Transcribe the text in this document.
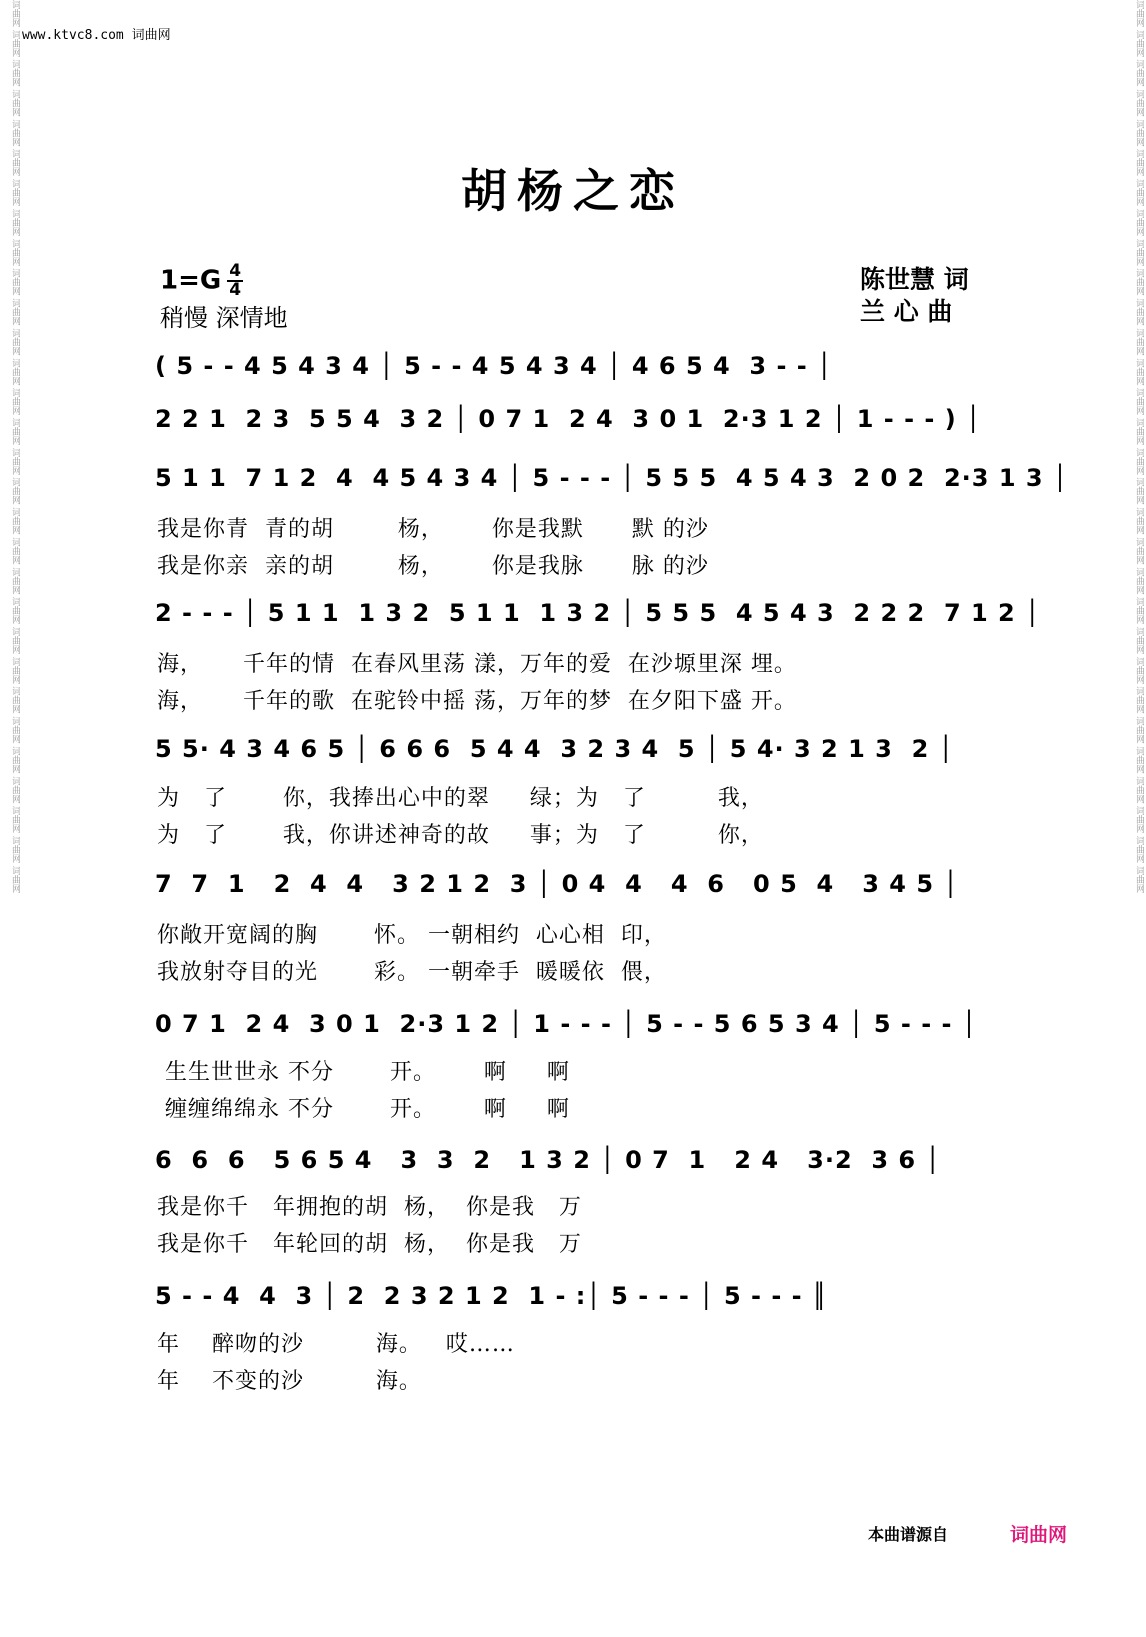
词曲网 词曲网 词曲网 词曲网 词曲网 词曲网 词曲网 词曲网 词曲网 词曲网 词曲网 词曲网 词曲网 词曲网 词曲网 词曲网 词曲网 词曲网 词曲网 词曲网 词曲网 词曲网 词曲网 词曲网 词曲网 词曲网 词曲网 词曲网 词曲网 词曲网	词曲网 词曲网 词曲网 词曲网 词曲网 词曲网 词曲网 词曲网 词曲网 词曲网 词曲网 词曲网 词曲网 词曲网 词曲网 词曲网 词曲网 词曲网 词曲网 词曲网 词曲网 词曲网 词曲网 词曲网 词曲网 词曲网 词曲网 词曲网 词曲网 词曲网
www.ktvc8.com 词曲网
胡杨之恋
$1=G \frac{4}{4}$
稍慢 深情地
陈世慧 词
兰 心 曲
( 5 - - 4 5 4 3 4 │ 5 - - 4 5 4 3 4 │ 4 6 5 4  3 - - │
2 2 1  2 3  5 5 4  3 2 │ 0 7 1  2 4  3 0 1  2·3 1 2 │ 1 - - - ) │
5 1 1  7 1 2  4  4 5 4 3 4 │ 5 - - - │ 5 5 5  4 5 4 3  2 0 2  2·3 1 3 │
我是你青  青的胡        杨，      你是我默      默 的沙
我是你亲  亲的胡        杨，      你是我脉      脉 的沙
2 - - - │ 5 1 1  1 3 2  5 1 1  1 3 2 │ 5 5 5  4 5 4 3  2 2 2  7 1 2 │
海，     千年的情  在春风里荡 漾，万年的爱  在沙塬里深 埋。
海，     千年的歌  在驼铃中摇 荡，万年的梦  在夕阳下盛 开。
5 5· 4 3 4 6 5 │ 6 6 6  5 4 4  3 2 3 4  5 │ 5 4· 3 2 1 3  2 │
为   了       你，我捧出心中的翠     绿；为   了         我，
为   了       我，你讲述神奇的故     事；为   了         你，
7  7  1   2  4  4   3 2 1 2  3 │ 0 4  4   4  6   0 5  4   3 4 5 │
你敞开宽阔的胸       怀。 一朝相约  心心相  印，
我放射夺目的光       彩。 一朝牵手  暖暖依  偎，
0 7 1  2 4  3 0 1  2·3 1 2 │ 1 - - - │ 5 - - 5 6 5 3 4 │ 5 - - - │
生生世世永 不分       开。      啊     啊
缠缠绵绵永 不分       开。      啊     啊
6  6  6   5 6 5 4   3  3  2   1 3 2 │ 0 7  1   2 4   3·2  3 6 │
我是你千   年拥抱的胡  杨，  你是我   万
我是你千   年轮回的胡  杨，  你是我   万
5 - - 4  4  3 │ 2  2 3 2 1 2  1 - :│ 5 - - - │ 5 - - - ║
年    醉吻的沙         海。   哎……
年    不变的沙         海。
本曲谱源自	词曲网
